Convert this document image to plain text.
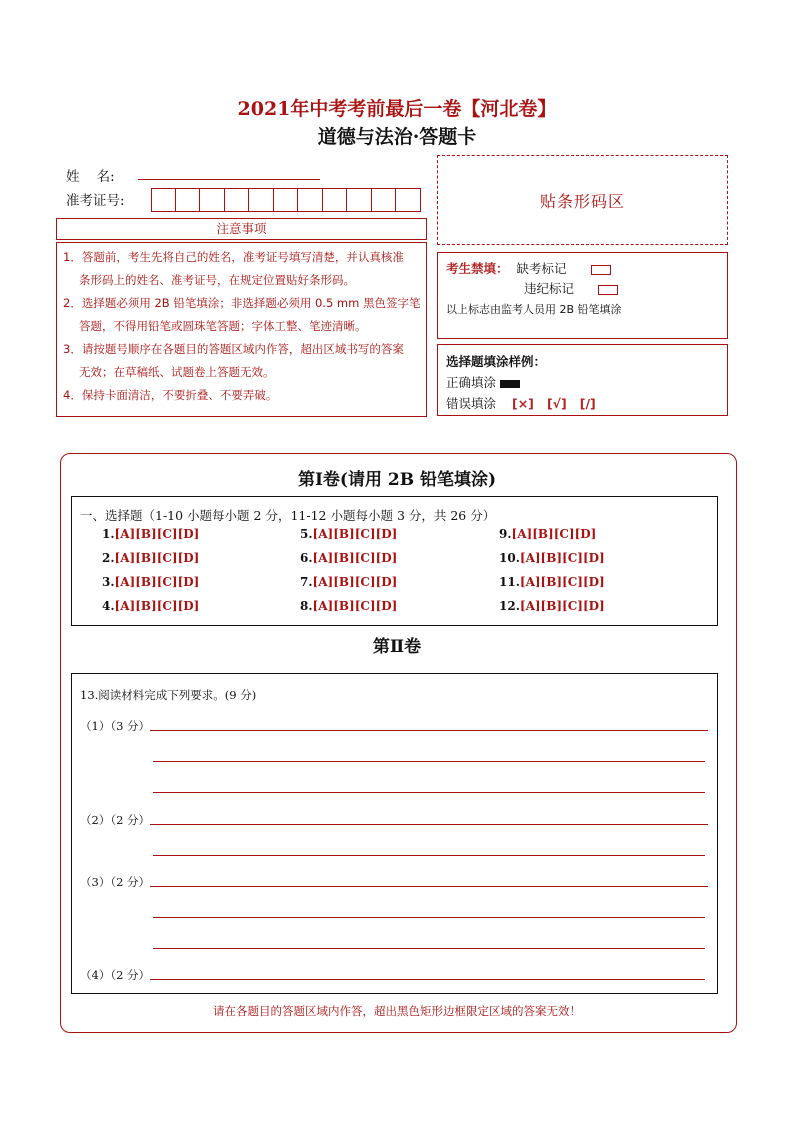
2021年中考考前最后一卷【河北卷】
道德与法治·答题卡
姓    名:
准考证号:	贴条形码区
注意事项

1．答题前，考生先将自己的姓名，准考证号填写清楚，并认真核准

条形码上的姓名、准考证号，在规定位置贴好条形码。

2．选择题必须用 2B 铅笔填涂；非选择题必须用 0.5 mm 黑色签字笔

答题，不得用铅笔或圆珠笔答题；字体工整、笔迹清晰。

3．请按题号顺序在各题目的答题区域内作答，超出区域书写的答案

无效；在草稿纸、试题卷上答题无效。

4．保持卡面清洁，不要折叠、不要弄破。

考生禁填： 缺考标记
违纪标记
以上标志由监考人员用 2B 铅笔填涂
选择题填涂样例：
正确填涂
错误填涂 [×]   [√]   [/]
第Ⅰ卷(请用 2B 铅笔填涂)
一、选择题（1-10 小题每小题 2 分，11-12 小题每小题 3 分，共 26 分）
1.[A][B][C][D]
2.[A][B][C][D]
3.[A][B][C][D]
4.[A][B][C][D]
5.[A][B][C][D]
6.[A][B][C][D]
7.[A][B][C][D]
8.[A][B][C][D]
9.[A][B][C][D]
10.[A][B][C][D]
11.[A][B][C][D]
12.[A][B][C][D]
第Ⅱ卷
13.阅读材料完成下列要求。(9 分)
（1）（3 分）
（2）（2 分）
（3）（2 分）
（4）（2 分）
请在各题目的答题区域内作答，超出黑色矩形边框限定区域的答案无效！
